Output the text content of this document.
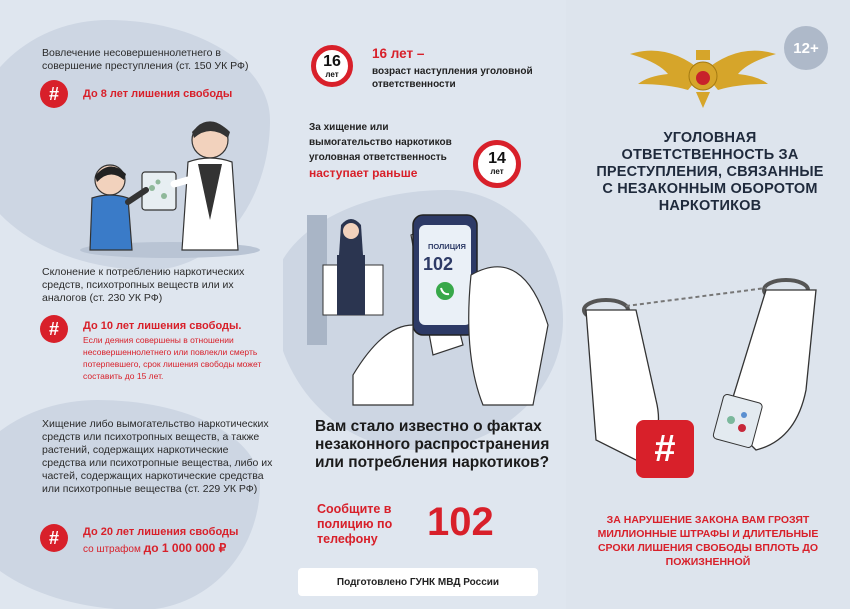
Вовлечение несовершеннолетнего в совершение преступления (ст. 150 УК РФ)
#	До 8 лет лишения свободы
Склонение к потреблению наркотических средств, психотропных веществ или их аналогов (ст. 230 УК РФ)
#	До 10 лет лишения свободы.
Если деяния совершены в отношении несовершеннолетнего или повлекли смерть потерпевшего, срок лишения свободы может составить до 15 лет.
Хищение либо вымогательство наркотических средств или психотропных веществ, а также растений, содержащих наркотические средства или психотропные вещества, либо их частей, содержащих наркотические средства или психотропные вещества (ст. 229 УК РФ)
#	До 20 лет лишения свободы
со штрафом до 1 000 000 ₽
16
лет
16 лет –
возраст наступления уголовной ответственности
За хищение или вымогательство наркотиков уголовная ответственность
наступает раньше
14
лет
ПОЛИЦИЯ
102
Вам стало известно о фактах незаконного распространения или потребления наркотиков?
Сообщите в полицию по телефону	102
Подготовлено ГУНК МВД России
12+
УГОЛОВНАЯ ОТВЕТСТВЕННОСТЬ ЗА ПРЕСТУПЛЕНИЯ, СВЯЗАННЫЕ С НЕЗАКОННЫМ ОБОРОТОМ НАРКОТИКОВ
#
ЗА НАРУШЕНИЕ ЗАКОНА ВАМ ГРОЗЯТ МИЛЛИОННЫЕ ШТРАФЫ И ДЛИТЕЛЬНЫЕ СРОКИ ЛИШЕНИЯ СВОБОДЫ ВПЛОТЬ ДО ПОЖИЗНЕННОЙ
